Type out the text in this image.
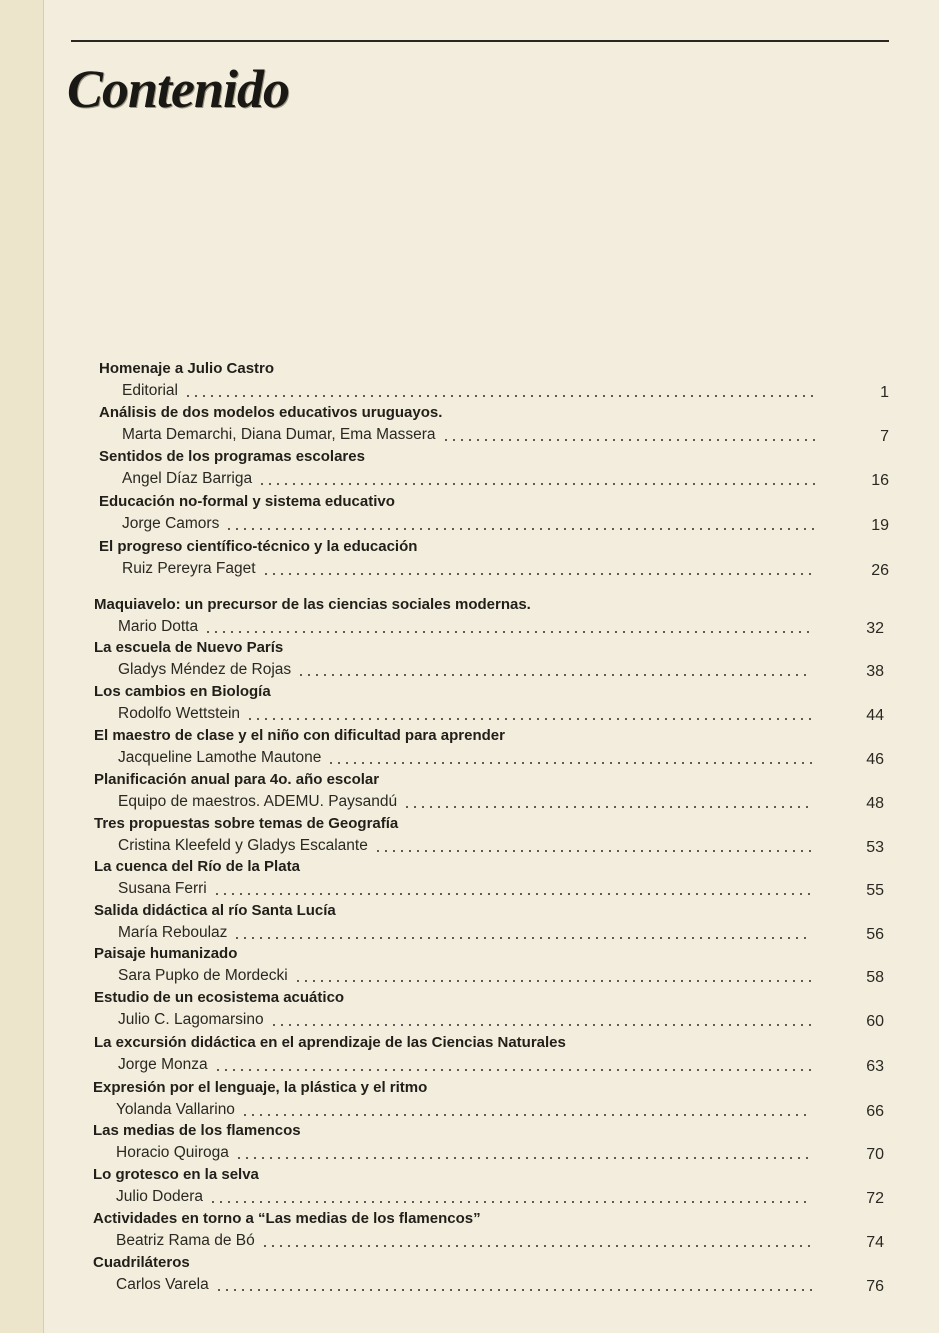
Contenido
Homenaje a Julio Castro
Editorial	1
Análisis de dos modelos educativos uruguayos.
Marta Demarchi, Diana Dumar, Ema Massera	7
Sentidos de los programas escolares
Angel Díaz Barriga	16
Educación no-formal y sistema educativo
Jorge Camors	19
El progreso científico-técnico y la educación
Ruiz Pereyra Faget	26
Maquiavelo: un precursor de las ciencias sociales modernas.
Mario Dotta	32
La escuela de Nuevo París
Gladys Méndez de Rojas	38
Los cambios en Biología
Rodolfo Wettstein	44
El maestro de clase y el niño con dificultad para aprender
Jacqueline Lamothe Mautone	46
Planificación anual para 4o. año escolar
Equipo de maestros. ADEMU. Paysandú	48
Tres propuestas sobre temas de Geografía
Cristina Kleefeld y Gladys Escalante	53
La cuenca del Río de la Plata
Susana Ferri	55
Salida didáctica al río Santa Lucía
María Reboulaz	56
Paisaje humanizado
Sara Pupko de Mordecki	58
Estudio de un ecosistema acuático
Julio C. Lagomarsino	60
La excursión didáctica en el aprendizaje de las Ciencias Naturales
Jorge Monza	63
Expresión por el lenguaje, la plástica y el ritmo
Yolanda Vallarino	66
Las medias de los flamencos
Horacio Quiroga	70
Lo grotesco en la selva
Julio Dodera	72
Actividades en torno a “Las medias de los flamencos”
Beatriz Rama de Bó	74
Cuadriláteros
Carlos Varela	76
